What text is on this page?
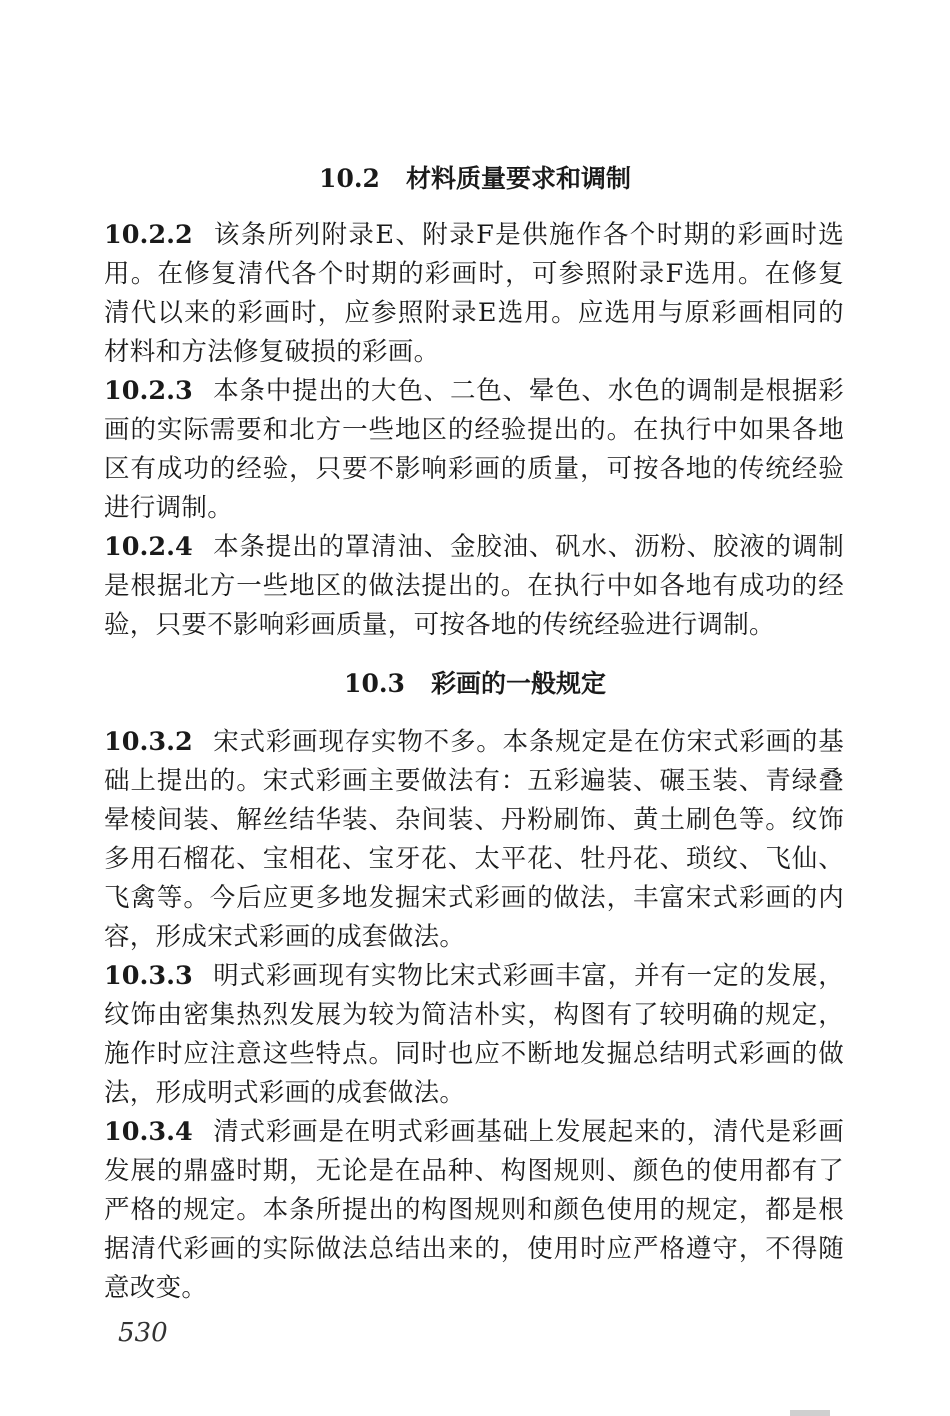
10.2 材料质量要求和调制
10.2.2 该条所列附录E、附录F是供施作各个时期的彩画时选用。在修复清代各个时期的彩画时，可参照附录F选用。在修复清代以来的彩画时，应参照附录E选用。应选用与原彩画相同的材料和方法修复破损的彩画。
10.2.3 本条中提出的大色、二色、晕色、水色的调制是根据彩画的实际需要和北方一些地区的经验提出的。在执行中如果各地区有成功的经验，只要不影响彩画的质量，可按各地的传统经验进行调制。
10.2.4 本条提出的罩清油、金胶油、矾水、沥粉、胶液的调制是根据北方一些地区的做法提出的。在执行中如各地有成功的经验，只要不影响彩画质量，可按各地的传统经验进行调制。
10.3 彩画的一般规定
10.3.2 宋式彩画现存实物不多。本条规定是在仿宋式彩画的基础上提出的。宋式彩画主要做法有：五彩遍装、碾玉装、青绿叠晕棱间装、解丝结华装、杂间装、丹粉刷饰、黄土刷色等。纹饰多用石榴花、宝相花、宝牙花、太平花、牡丹花、琐纹、飞仙、飞禽等。今后应更多地发掘宋式彩画的做法，丰富宋式彩画的内容，形成宋式彩画的成套做法。
10.3.3 明式彩画现有实物比宋式彩画丰富，并有一定的发展，纹饰由密集热烈发展为较为简洁朴实，构图有了较明确的规定，施作时应注意这些特点。同时也应不断地发掘总结明式彩画的做法，形成明式彩画的成套做法。
10.3.4 清式彩画是在明式彩画基础上发展起来的，清代是彩画发展的鼎盛时期，无论是在品种、构图规则、颜色的使用都有了严格的规定。本条所提出的构图规则和颜色使用的规定，都是根据清代彩画的实际做法总结出来的，使用时应严格遵守，不得随意改变。
530
